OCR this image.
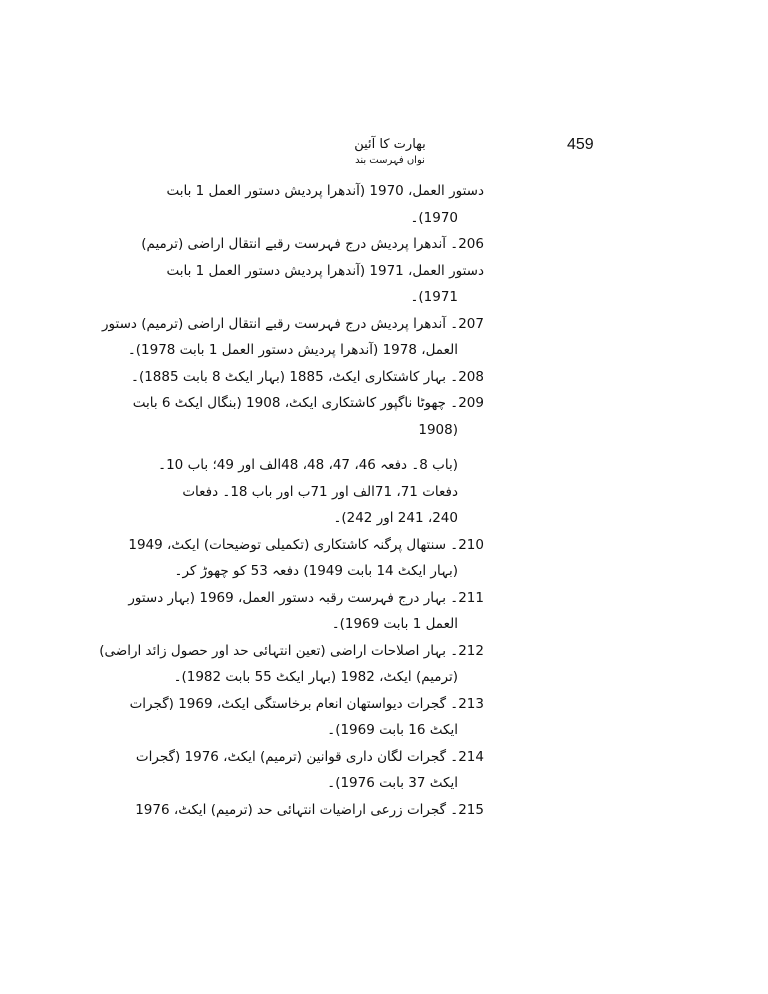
459
بھارت کا آئین
نواں فہرست بند
دستور العمل، 1970 (آندھرا پردیش دستور العمل 1 بابت
1970)۔
206۔ آندھرا پردیش درج فہرست رقبے انتقال اراضی (ترمیم)
دستور العمل، 1971 (آندھرا پردیش دستور العمل 1 بابت
1971)۔
207۔ آندھرا پردیش درج فہرست رقبے انتقال اراضی (ترمیم) دستور
العمل، 1978 (آندھرا پردیش دستور العمل 1 بابت 1978)۔
208۔ بہار کاشتکاری ایکٹ، 1885 (بہار ایکٹ 8 بابت 1885)۔
209۔ چھوٹا ناگپور کاشتکاری ایکٹ، 1908 (بنگال ایکٹ 6 بابت
1908)
(باب 8۔ دفعہ 46، 47، 48، 48الف اور 49؛ باب 10۔
دفعات 71، 71الف اور 71ب اور باب 18۔ دفعات
240، 241 اور 242)۔
210۔ سنتھال پرگنہ کاشتکاری (تکمیلی توضیحات) ایکٹ، 1949
(بہار ایکٹ 14 بابت 1949) دفعہ 53 کو چھوڑ کر۔
211۔ بہار درج فہرست رقبہ دستور العمل، 1969 (بہار دستور
العمل 1 بابت 1969)۔
212۔ بہار اصلاحات اراضی (تعین انتہائی حد اور حصول زائد اراضی)
(ترمیم) ایکٹ، 1982 (بہار ایکٹ 55 بابت 1982)۔
213۔ گجرات دیواستھان انعام برخاستگی ایکٹ، 1969 (گجرات
ایکٹ 16 بابت 1969)۔
214۔ گجرات لگان داری قوانین (ترمیم) ایکٹ، 1976 (گجرات
ایکٹ 37 بابت 1976)۔
215۔ گجرات زرعی اراضیات انتہائی حد (ترمیم) ایکٹ، 1976
